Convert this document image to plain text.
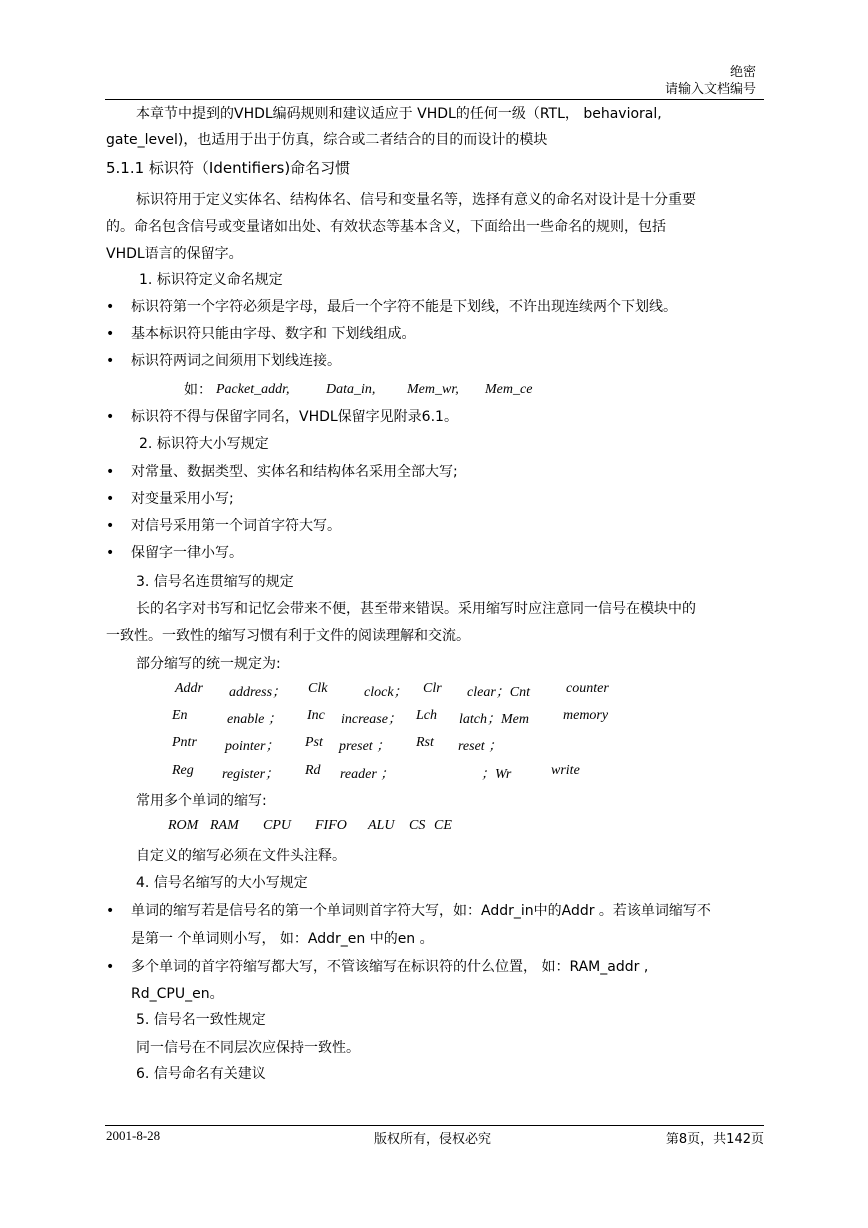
绝密
请输入文档编号
本章节中提到的VHDL编码规则和建议适应于 VHDL的任何一级（RTL， behavioral,
gate_level)，也适用于出于仿真，综合或二者结合的目的而设计的模块
5.1.1 标识符（Identifiers)命名习惯
标识符用于定义实体名、结构体名、信号和变量名等，选择有意义的命名对设计是十分重要
的。命名包含信号或变量诸如出处、有效状态等基本含义，下面给出一些命名的规则，包括
VHDL语言的保留字。
1. 标识符定义命名规定
• 标识符第一个字符必须是字母，最后一个字符不能是下划线，不许出现连续两个下划线。
• 基本标识符只能由字母、数字和 下划线组成。
• 标识符两词之间须用下划线连接。
如： Packet_addr,	Data_in, Mem_wr, Mem_ce
• 标识符不得与保留字同名，VHDL保留字见附录6.1。
2. 标识符大小写规定
• 对常量、数据类型、实体名和结构体名采用全部大写;
• 对变量采用小写;
• 对信号采用第一个词首字符大写。
• 保留字一律小写。
3. 信号名连贯缩写的规定
长的名字对书写和记忆会带来不便，甚至带来错误。采用缩写时应注意同一信号在模块中的
一致性。一致性的缩写习惯有利于文件的阅读理解和交流。
部分缩写的统一规定为:
Addr address； Clk	clock； Clr clear；Cnt	counter
En	enable ； Inc increase； Lch latch；Mem memory
Pntr pointer； Pst preset ； Rst reset ；
Reg register； Rd reader ；	；Wr	write
常用多个单词的缩写:
ROM RAM CPU FIFO ALU CS CE
自定义的缩写必须在文件头注释。
4. 信号名缩写的大小写规定
• 单词的缩写若是信号名的第一个单词则首字符大写，如：Addr_in中的Addr 。若该单词缩写不
是第一 个单词则小写， 如：Addr_en 中的en 。
• 多个单词的首字符缩写都大写，不管该缩写在标识符的什么位置， 如：RAM_addr ,
Rd_CPU_en。
5. 信号名一致性规定
同一信号在不同层次应保持一致性。
6. 信号命名有关建议
2001-8-28	版权所有，侵权必究	第8页，共142页
